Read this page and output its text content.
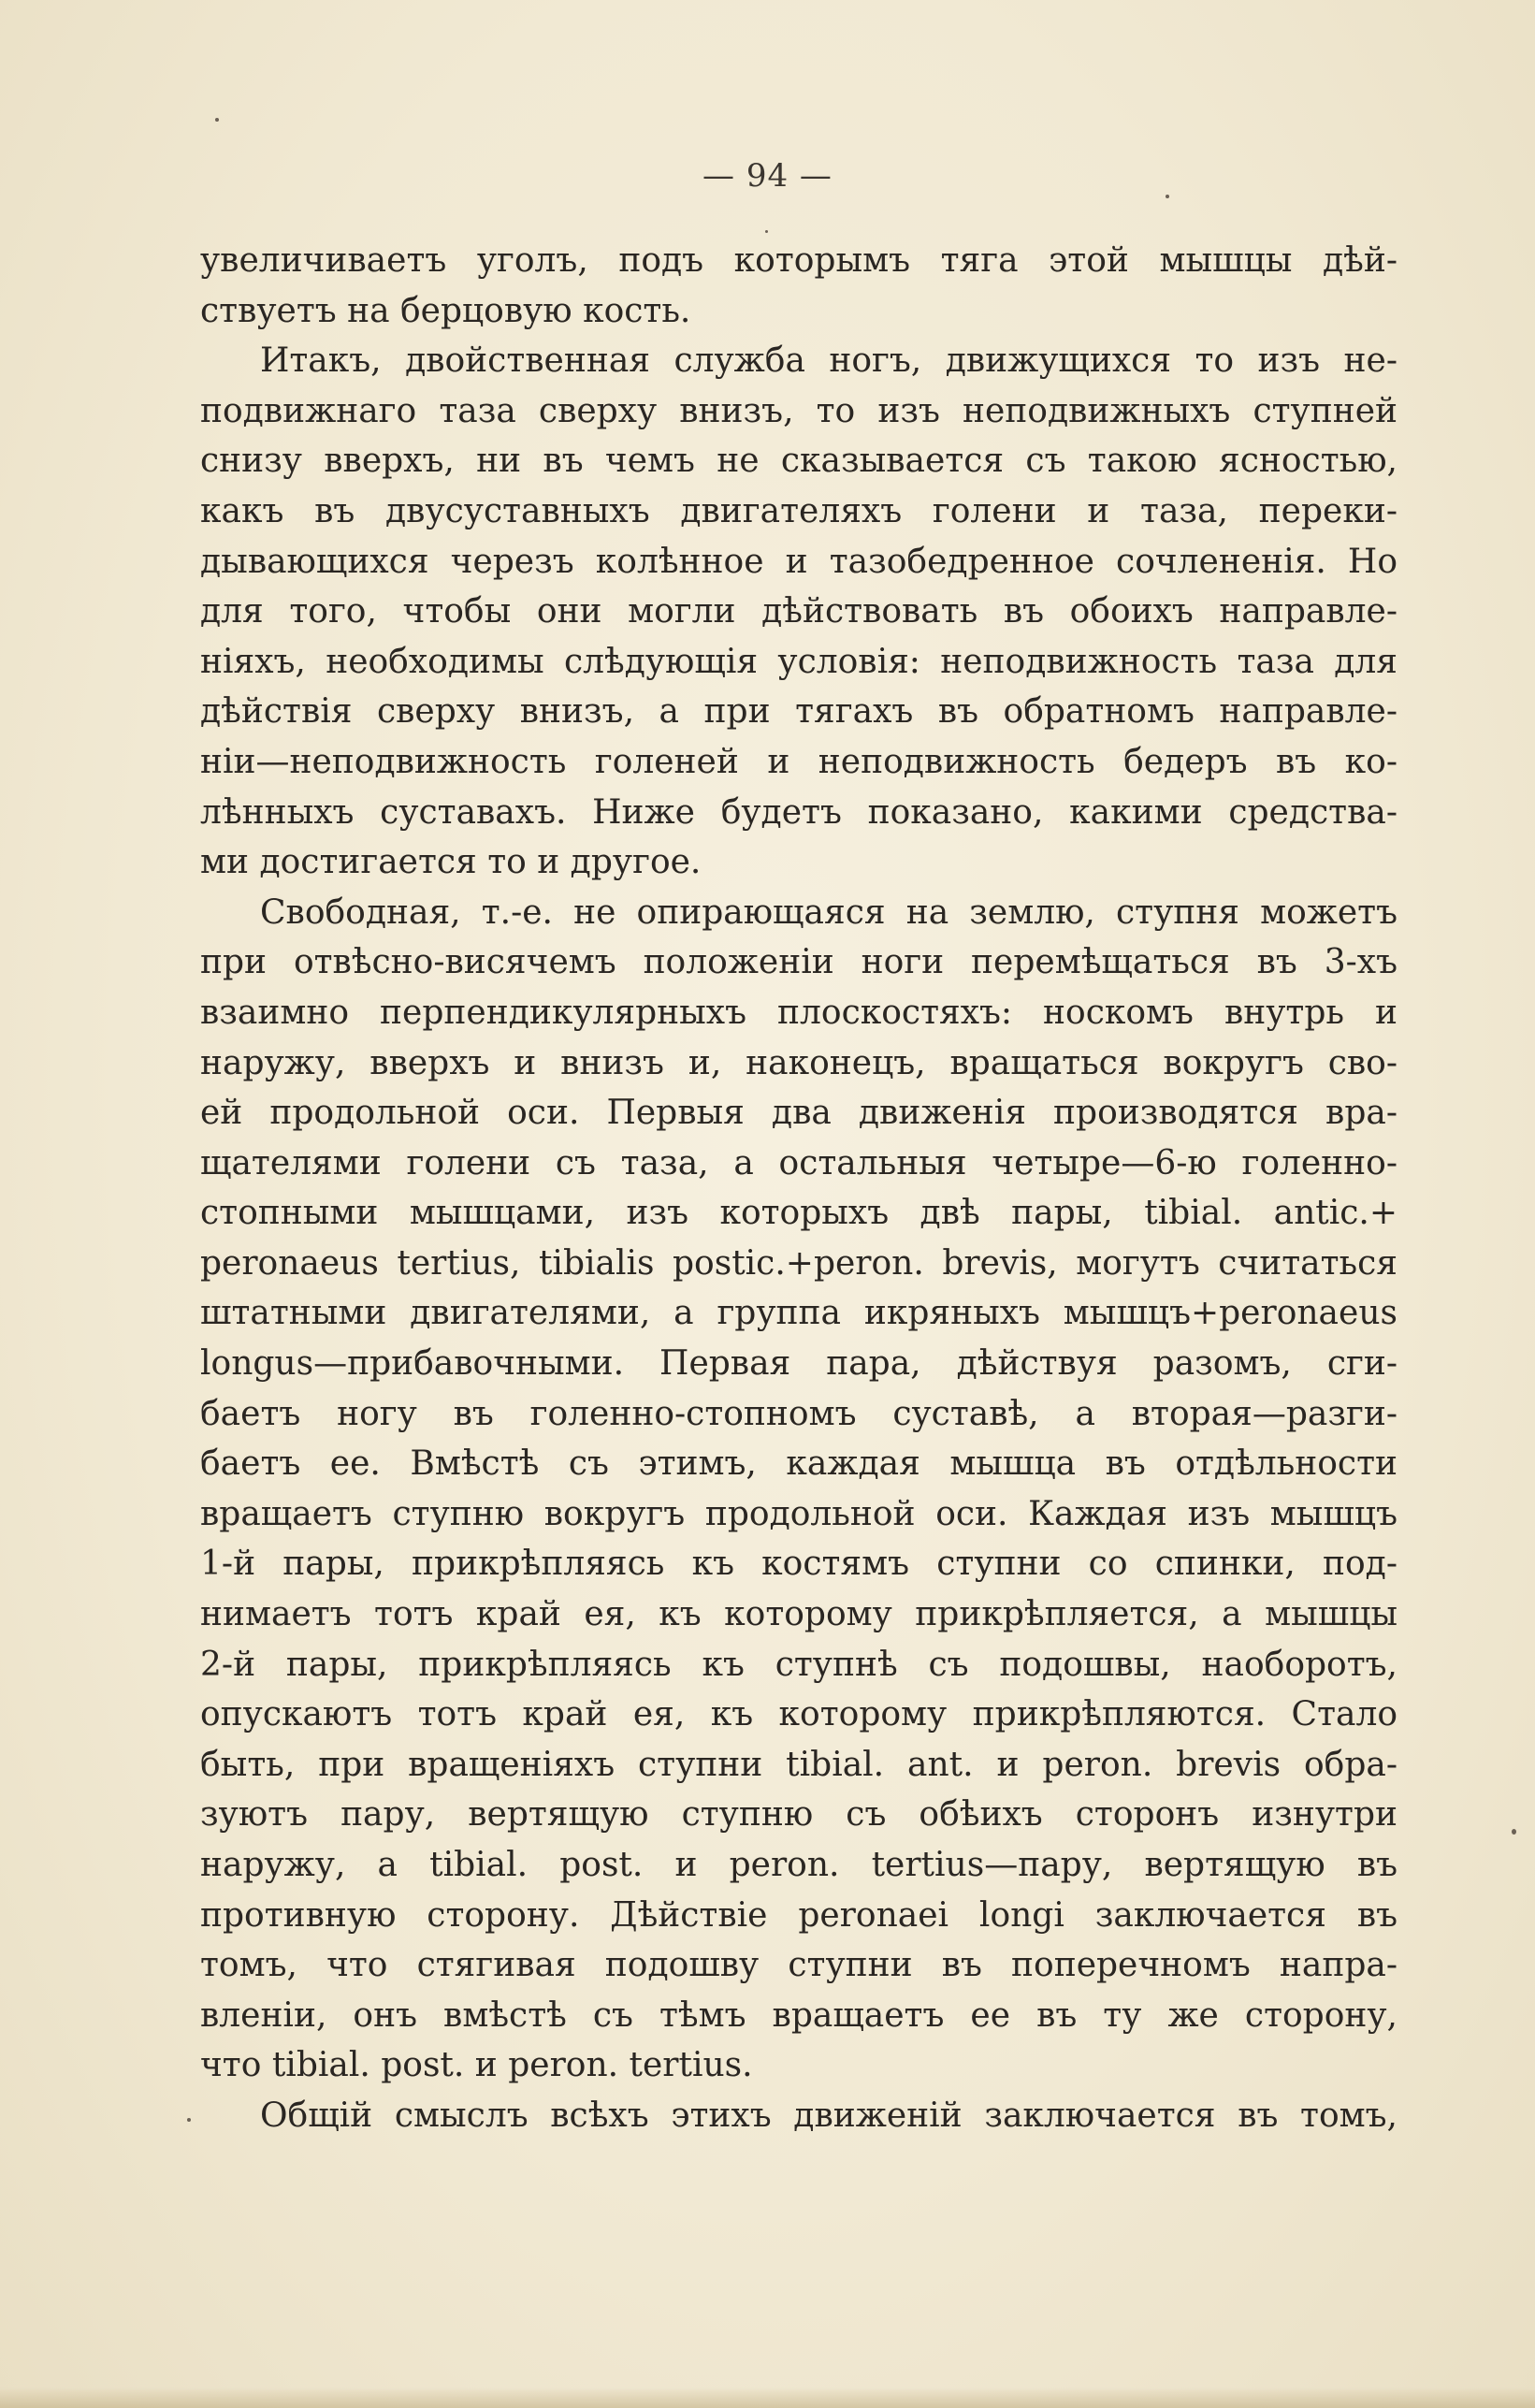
— 94 —
увеличиваетъ уголъ, подъ которымъ тяга этой мышцы дѣй-
ствуетъ на берцовую кость.
Итакъ, двойственная служба ногъ, движущихся то изъ не-
подвижнаго таза сверху внизъ, то изъ неподвижныхъ ступней
снизу вверхъ, ни въ чемъ не сказывается съ такою ясностью,
какъ въ двусуставныхъ двигателяхъ голени и таза, переки-
дывающихся черезъ колѣнное и тазобедренное сочлененія. Но
для того, чтобы они могли дѣйствовать въ обоихъ направле-
ніяхъ, необходимы слѣдующія условія: неподвижность таза для
дѣйствія сверху внизъ, а при тягахъ въ обратномъ направле-
ніи—неподвижность голеней и неподвижность бедеръ въ ко-
лѣнныхъ суставахъ. Ниже будетъ показано, какими средства-
ми достигается то и другое.
Свободная, т.-е. не опирающаяся на землю, ступня можетъ
при отвѣсно-висячемъ положеніи ноги перемѣщаться въ 3-хъ
взаимно перпендикулярныхъ плоскостяхъ: носкомъ внутрь и
наружу, вверхъ и внизъ и, наконецъ, вращаться вокругъ сво-
ей продольной оси. Первыя два движенія производятся вра-
щателями голени съ таза, а остальныя четыре—6-ю голенно-
стопными мышцами, изъ которыхъ двѣ пары, tibial. antic.+
peronaeus tertius, tibialis postic.+peron. brevis, могутъ считаться
штатными двигателями, а группа икряныхъ мышцъ+peronaeus
longus—прибавочными. Первая пара, дѣйствуя разомъ, сги-
баетъ ногу въ голенно-стопномъ суставѣ, а вторая—разги-
баетъ ее. Вмѣстѣ съ этимъ, каждая мышца въ отдѣльности
вращаетъ ступню вокругъ продольной оси. Каждая изъ мышцъ
1-й пары, прикрѣпляясь къ костямъ ступни со спинки, под-
нимаетъ тотъ край ея, къ которому прикрѣпляется, а мышцы
2-й пары, прикрѣпляясь къ ступнѣ съ подошвы, наоборотъ,
опускаютъ тотъ край ея, къ которому прикрѣпляются. Стало
быть, при вращеніяхъ ступни tibial. ant. и peron. brevis обра-
зуютъ пару, вертящую ступню съ обѣихъ сторонъ изнутри
наружу, а tibial. post. и peron. tertius—пару, вертящую въ
противную сторону. Дѣйствіе peronaei longi заключается въ
томъ, что стягивая подошву ступни въ поперечномъ напра-
вленіи, онъ вмѣстѣ съ тѣмъ вращаетъ ее въ ту же сторону,
что tibial. post. и peron. tertius.
Общій смыслъ всѣхъ этихъ движеній заключается въ томъ,
